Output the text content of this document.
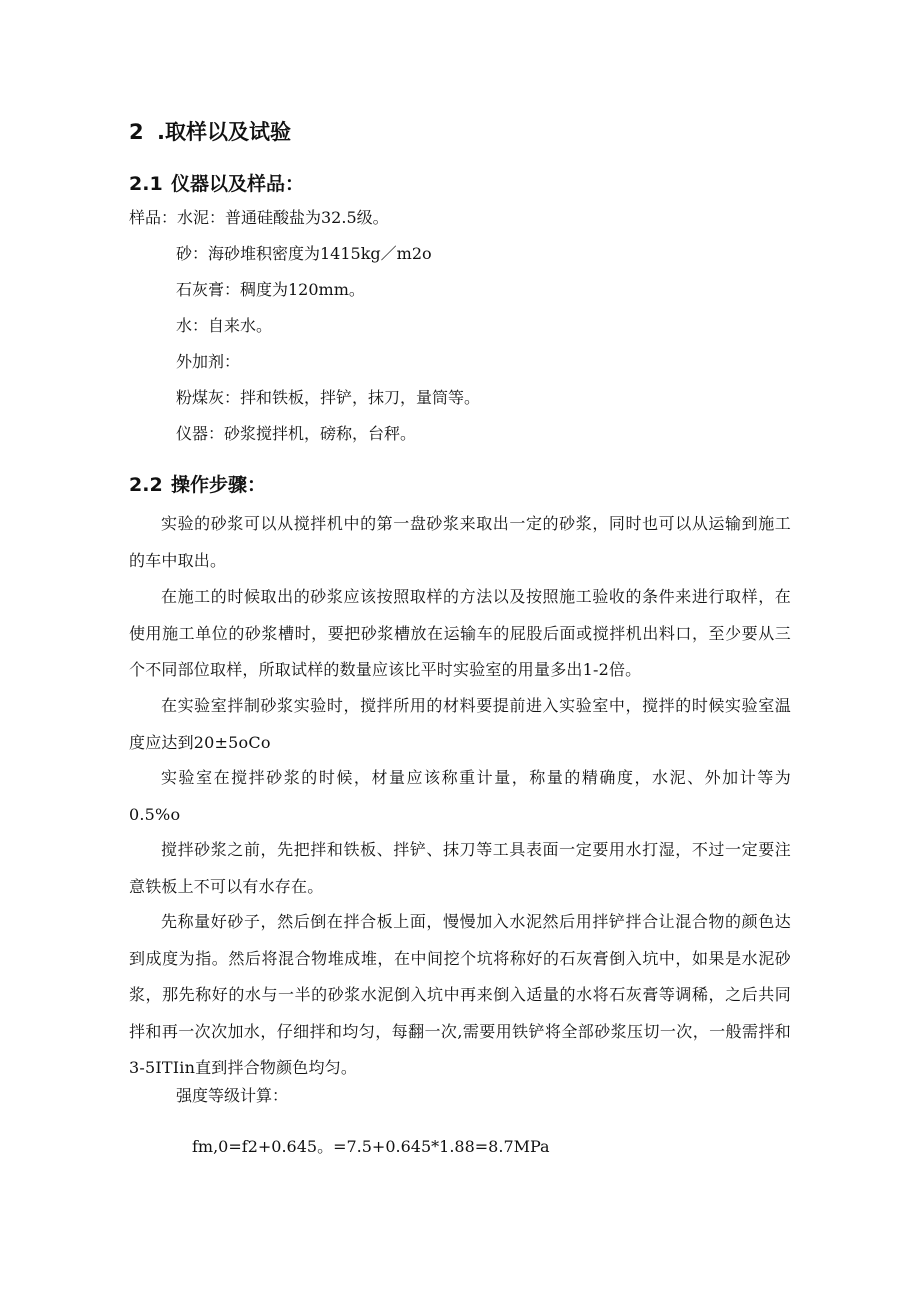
2 .取样以及试验
2.1 仪器以及样品：
样品：水泥：普通硅酸盐为32.5级。
砂：海砂堆积密度为1415kg／m2o
石灰膏：稠度为120mm。
水：自来水。
外加剂：
粉煤灰：拌和铁板，拌铲，抹刀，量筒等。
仪器：砂浆搅拌机，磅称，台秤。
2.2 操作步骤：
实验的砂浆可以从搅拌机中的第一盘砂浆来取出一定的砂浆，同时也可以从运输到施工的车中取出。
在施工的时候取出的砂浆应该按照取样的方法以及按照施工验收的条件来进行取样，在使用施工单位的砂浆槽时，要把砂浆槽放在运输车的屁股后面或搅拌机出料口，至少要从三个不同部位取样，所取试样的数量应该比平时实验室的用量多出1-2倍。
在实验室拌制砂浆实验时，搅拌所用的材料要提前进入实验室中，搅拌的时候实验室温度应达到20±5oCo
实验室在搅拌砂浆的时候，材量应该称重计量，称量的精确度，水泥、外加计等为0.5%o
搅拌砂浆之前，先把拌和铁板、拌铲、抹刀等工具表面一定要用水打湿，不过一定要注意铁板上不可以有水存在。
先称量好砂子，然后倒在拌合板上面，慢慢加入水泥然后用拌铲拌合让混合物的颜色达到成度为指。然后将混合物堆成堆，在中间挖个坑将称好的石灰膏倒入坑中，如果是水泥砂浆，那先称好的水与一半的砂浆水泥倒入坑中再来倒入适量的水将石灰膏等调稀，之后共同拌和再一次次加水，仔细拌和均匀，每翻一次,需要用铁铲将全部砂浆压切一次，一般需拌和3-5ITIin直到拌合物颜色均匀。
强度等级计算：
fm,0=f2+0.645。=7.5+0.645*1.88=8.7MPa
